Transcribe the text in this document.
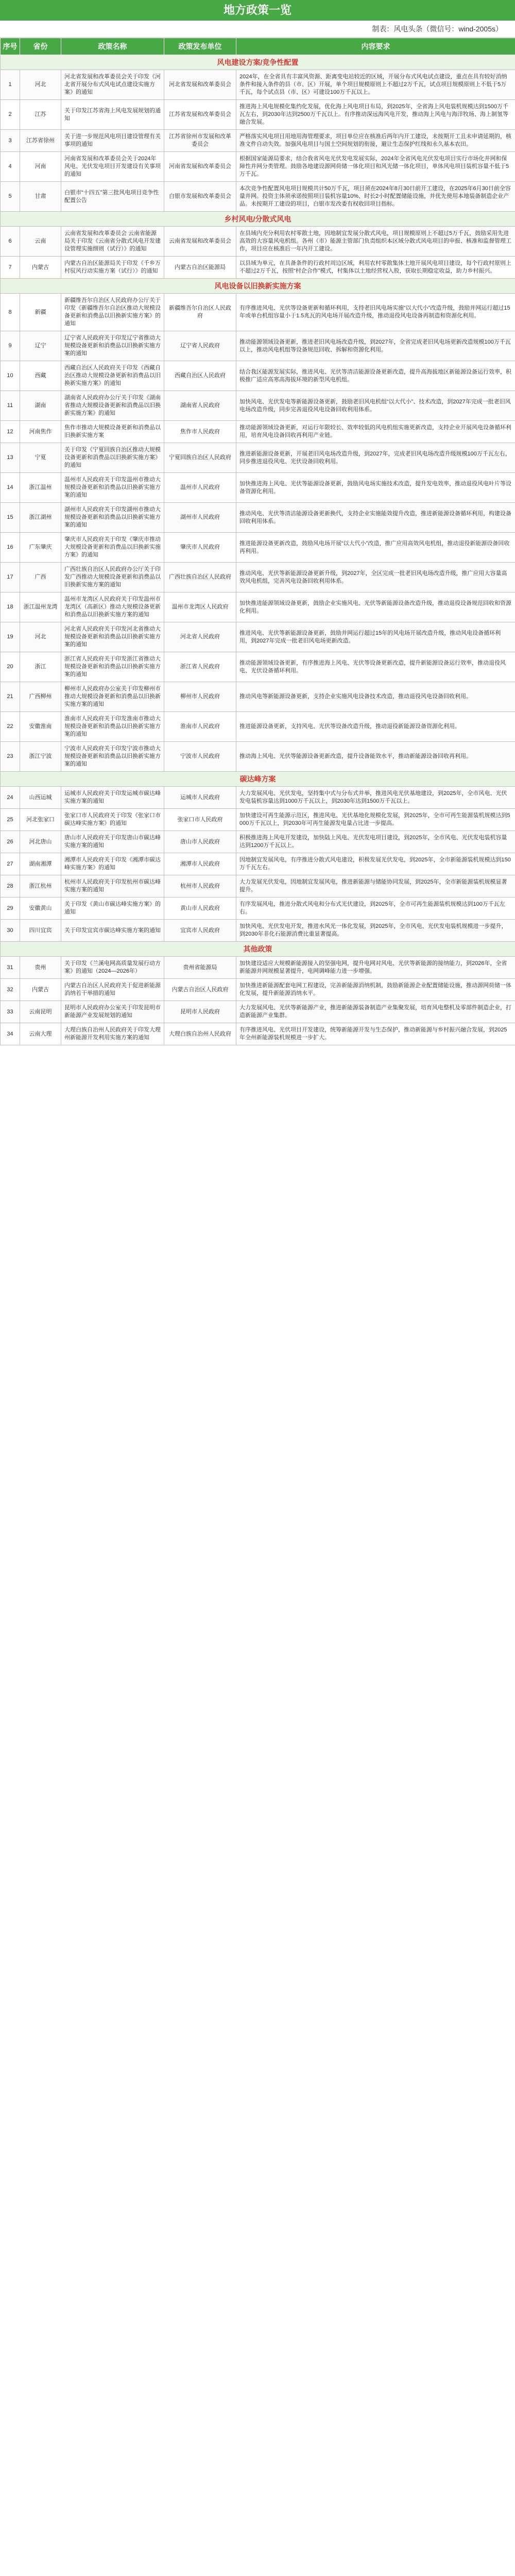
地方政策一览
制表：风电头条（微信号：wind-2005s）
序号	省份	政策名称	政策发布单位	内容要求
风电建设方案/竞争性配置				
1	河北	河北省发展和改革委员会关于印发《河北省开展分布式风电试点建设实施方案》的通知	河北省发展和改革委员会	2024年，在全省具有丰富风资源、距离变电站较近的区域，开展分布式风电试点建设，重点在具有较好消纳条件和接入条件的县（市、区）开展，单个项目规模原则上不超过2万千瓦，试点项目规模原则上不低于5万千瓦，每个试点县（市、区）可建设100万千瓦以上。
2	江苏	关于印发江苏省海上风电发展规划的通知	江苏省发展和改革委员会	推进海上风电规模化集约化发展，优化海上风电项目布局，到2025年，全省海上风电装机规模达到1500万千瓦左右，到2030年达到2500万千瓦以上。有序推动深远海风电开发，推动海上风电与海洋牧场、海上制氢等融合发展。
3	江苏省徐州	关于进一步规范风电项目建设管理有关事项的通知	江苏省徐州市发展和改革委员会	严格落实风电项目用地用海管理要求，项目单位应在核准后两年内开工建设，未按期开工且未申请延期的，核准文件自动失效。加强风电项目与国土空间规划的衔接，避让生态保护红线和永久基本农田。
4	河南	河南省发展和改革委员会关于2024年风电、光伏发电项目开发建设有关事项的通知	河南省发展和改革委员会	根据国家能源局要求，结合我省风电光伏发电发展实际，2024年全省风电光伏发电项目实行市场化并网和保障性并网分类管理。鼓励各地建设源网荷储一体化项目和风光储一体化项目，单体风电项目装机容量不低于5万千瓦。
5	甘肃	白银市“十四五”第三批风电项目竞争性配置公告	白银市发展和改革委员会	本次竞争性配置风电项目规模共计50万千瓦，项目须在2024年8月30日前开工建设，在2025年6月30日前全容量并网。投资主体须承诺按照项目装机容量10%、时长2小时配置储能设施，并优先使用本地装备制造企业产品。未按期开工建设的项目，白银市发改委有权收回项目指标。
乡村风电/分散式风电				
6	云南	云南省发展和改革委员会 云南省能源局关于印发《云南省分散式风电开发建设管理实施细则（试行）》的通知	云南省发展和改革委员会	在县域内充分利用农村零散土地，因地制宜发展分散式风电，项目规模原则上不超过5万千瓦，鼓励采用先进高效的大容量风电机组。各州（市）能源主管部门负责组织本区域分散式风电项目的申报、核准和监督管理工作，项目应在核准后一年内开工建设。
7	内蒙古	内蒙古自治区能源局关于印发《千乡万村驭风行动实施方案（试行）》的通知	内蒙古自治区能源局	以县域为单元，在具备条件的行政村周边区域，利用农村零散集体土地开展风电项目建设，每个行政村原则上不超过2万千瓦，按照“村企合作”模式，村集体以土地经营权入股，获取长期稳定收益，助力乡村振兴。
风电设备以旧换新实施方案				
8	新疆	新疆维吾尔自治区人民政府办公厅关于印发《新疆维吾尔自治区推动大规模设备更新和消费品以旧换新实施方案》的通知	新疆维吾尔自治区人民政府	有序推进风电、光伏等设备更新和循环利用，支持老旧风电场实施“以大代小”改造升级，鼓励并网运行超过15年或单台机组容量小于1.5兆瓦的风电场开展改造升级，推动退役风电设备再制造和资源化利用。
9	辽宁	辽宁省人民政府关于印发辽宁省推动大规模设备更新和消费品以旧换新实施方案的通知	辽宁省人民政府	推动能源领域设备更新，推进老旧风电场改造升级，到2027年，全省完成老旧风电场更新改造规模100万千瓦以上，推动风电机组等设备规范回收、拆解和资源化利用。
10	西藏	西藏自治区人民政府关于印发《西藏自治区推动大规模设备更新和消费品以旧换新实施方案》的通知	西藏自治区人民政府	结合我区能源发展实际，推进风电、光伏等清洁能源设备更新改造，提升高海拔地区新能源设备运行效率，积极推广适应高寒高海拔环境的新型风电机组。
11	湖南	湖南省人民政府办公厅关于印发《湖南省推动大规模设备更新和消费品以旧换新实施方案》的通知	湖南省人民政府	加快风电、光伏发电等新能源设备更新，鼓励老旧风电机组“以大代小”、技术改造，到2027年完成一批老旧风电场改造升级，同步完善退役风电设备回收利用体系。
12	河南焦作	焦作市推动大规模设备更新和消费品以旧换新实施方案	焦作市人民政府	推动能源领域设备更新，对运行年限较长、效率较低的风电机组实施更新改造，支持企业开展风电设备循环利用，培育风电设备回收再利用产业链。
13	宁夏	关于印发《宁夏回族自治区推动大规模设备更新和消费品以旧换新实施方案》的通知	宁夏回族自治区人民政府	推进新能源设备更新，开展老旧风电场改造升级，到2027年，完成老旧风电场改造升级规模100万千瓦左右，同步推进退役风电、光伏设备回收利用。
14	浙江温州	温州市人民政府关于印发温州市推动大规模设备更新和消费品以旧换新实施方案的通知	温州市人民政府	加快推进海上风电、光伏等能源设备更新，鼓励风电场实施技术改造，提升发电效率，推动退役风电叶片等设备资源化利用。
15	浙江湖州	湖州市人民政府关于印发湖州市推动大规模设备更新和消费品以旧换新实施方案的通知	湖州市人民政府	推动风电、光伏等清洁能源设备更新换代，支持企业实施能效提升改造，推进新能源设备循环利用，构建设备回收利用体系。
16	广东肇庆	肇庆市人民政府关于印发《肇庆市推动大规模设备更新和消费品以旧换新实施方案》的通知	肇庆市人民政府	推进能源设备更新改造，鼓励风电场开展“以大代小”改造，推广应用高效风电机组，推动退役新能源设备回收再利用。
17	广西	广西壮族自治区人民政府办公厅关于印发广西推动大规模设备更新和消费品以旧换新实施方案的通知	广西壮族自治区人民政府	推动风电、光伏等新能源设备更新升级，到2027年，全区完成一批老旧风电场改造升级，推广应用大容量高效风电机组，完善风电设备回收利用体系。
18	浙江温州龙湾	温州市龙湾区人民政府关于印发温州市龙湾区（高新区）推动大规模设备更新和消费品以旧换新实施方案的通知	温州市龙湾区人民政府	加快推进能源领域设备更新，鼓励企业实施风电、光伏等新能源设备改造升级，推动退役设备规范回收和资源化利用。
19	河北	河北省人民政府关于印发河北省推动大规模设备更新和消费品以旧换新实施方案的通知	河北省人民政府	推进风电、光伏等新能源设备更新，鼓励并网运行超过15年的风电场开展改造升级，推动风电设备循环利用，到2027年完成一批老旧风电场更新改造。
20	浙江	浙江省人民政府关于印发浙江省推动大规模设备更新和消费品以旧换新实施方案的通知	浙江省人民政府	推动能源领域设备更新，有序推进海上风电、光伏等设备更新改造，提升新能源设备运行效率，推动退役风电、光伏设备循环利用。
21	广西柳州	柳州市人民政府办公室关于印发柳州市推动大规模设备更新和消费品以旧换新实施方案的通知	柳州市人民政府	推动风电等新能源设备更新，支持企业实施风电设备技术改造，推动退役风电设备回收利用。
22	安徽淮南	淮南市人民政府关于印发淮南市推动大规模设备更新和消费品以旧换新实施方案的通知	淮南市人民政府	推进能源设备更新，支持风电、光伏等设备改造升级，推动退役新能源设备资源化利用。
23	浙江宁波	宁波市人民政府关于印发宁波市推动大规模设备更新和消费品以旧换新实施方案的通知	宁波市人民政府	推动海上风电、光伏等能源设备更新改造，提升设备能效水平，推动新能源设备回收再利用。
碳达峰方案				
24	山西运城	运城市人民政府关于印发运城市碳达峰实施方案的通知	运城市人民政府	大力发展风电、光伏发电，坚持集中式与分布式并举，推进风电光伏基地建设，到2025年，全市风电、光伏发电装机容量达到1000万千瓦以上，到2030年达到1500万千瓦以上。
25	河北张家口	张家口市人民政府关于印发《张家口市碳达峰实施方案》的通知	张家口市人民政府	加快建设可再生能源示范区，推进风电、光伏基地化规模化发展，到2025年，全市可再生能源装机规模达到5000万千瓦以上，到2030年可再生能源发电量占比进一步提高。
26	河北唐山	唐山市人民政府关于印发唐山市碳达峰实施方案的通知	唐山市人民政府	积极推进海上风电开发建设，加快陆上风电、光伏发电项目建设，到2025年，全市风电、光伏发电装机容量达到1200万千瓦以上。
27	湖南湘潭	湘潭市人民政府关于印发《湘潭市碳达峰实施方案》的通知	湘潭市人民政府	因地制宜发展风电，有序推进分散式风电建设，积极发展光伏发电，到2025年，全市新能源装机规模达到150万千瓦左右。
28	浙江杭州	杭州市人民政府关于印发杭州市碳达峰实施方案的通知	杭州市人民政府	大力发展光伏发电，因地制宜发展风电，推进新能源与储能协同发展，到2025年，全市新能源装机规模显著提升。
29	安徽黄山	关于印发《黄山市碳达峰实施方案》的通知	黄山市人民政府	有序发展风电，推进分散式风电和分布式光伏建设，到2025年，全市可再生能源装机规模达到100万千瓦左右。
30	四川宜宾	关于印发宜宾市碳达峰实施方案的通知	宜宾市人民政府	加快风电、光伏发电开发，推进水风光一体化发展，到2025年，全市风电、光伏发电装机规模进一步提升，到2030年非化石能源消费比重显著提高。
其他政策				
31	贵州	关于印发《兰溪电网高质量发展行动方案》的通知（2024—2026年）	贵州省能源局	加快建设适应大规模新能源接入的坚强电网，提升电网对风电、光伏等新能源的接纳能力，到2026年，全省新能源并网规模显著提升，电网调峰能力进一步增强。
32	内蒙古	内蒙古自治区人民政府关于促进新能源消纳若干举措的通知	内蒙古自治区人民政府	加快推进新能源配套电网工程建设，完善新能源消纳机制，鼓励新能源企业配置储能设施，推动源网荷储一体化发展，提升新能源消纳水平。
33	云南昆明	昆明市人民政府办公室关于印发昆明市新能源产业发展规划的通知	昆明市人民政府	大力发展风电、光伏等新能源产业，推进新能源装备制造产业集聚发展，培育风电整机及零部件制造企业，打造新能源产业集群。
34	云南大理	大理白族自治州人民政府关于印发大理州新能源开发利用实施方案的通知	大理白族自治州人民政府	有序推进风电、光伏项目开发建设，统筹新能源开发与生态保护，推动新能源与乡村振兴融合发展，到2025年全州新能源装机规模进一步扩大。
